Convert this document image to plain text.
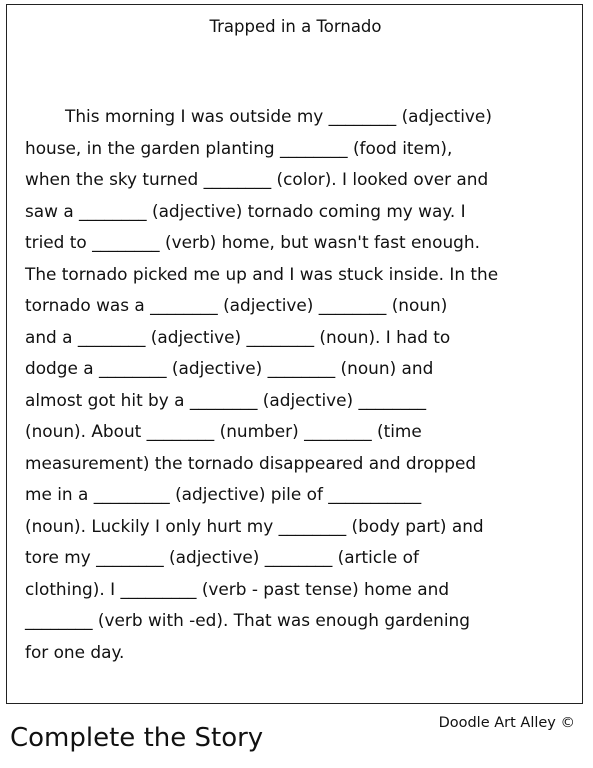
Trapped in a Tornado

This morning I was outside my ________ (adjective)

house, in the garden planting ________ (food item),

when the sky turned ________ (color). I looked over and

saw a ________ (adjective) tornado coming my way. I

tried to ________ (verb) home, but wasn't fast enough.

The tornado picked me up and I was stuck inside. In the

tornado was a ________ (adjective) ________ (noun)

and a ________ (adjective) ________ (noun). I had to

dodge a ________ (adjective) ________ (noun) and

almost got hit by a ________ (adjective) ________

(noun). About ________ (number) ________ (time

measurement) the tornado disappeared and dropped

me in a _________ (adjective) pile of ___________

(noun). Luckily I only hurt my ________ (body part) and

tore my ________ (adjective) ________ (article of

clothing). I _________ (verb - past tense) home and

________ (verb with -ed). That was enough gardening

for one day.

Complete the Story	Doodle Art Alley ©
